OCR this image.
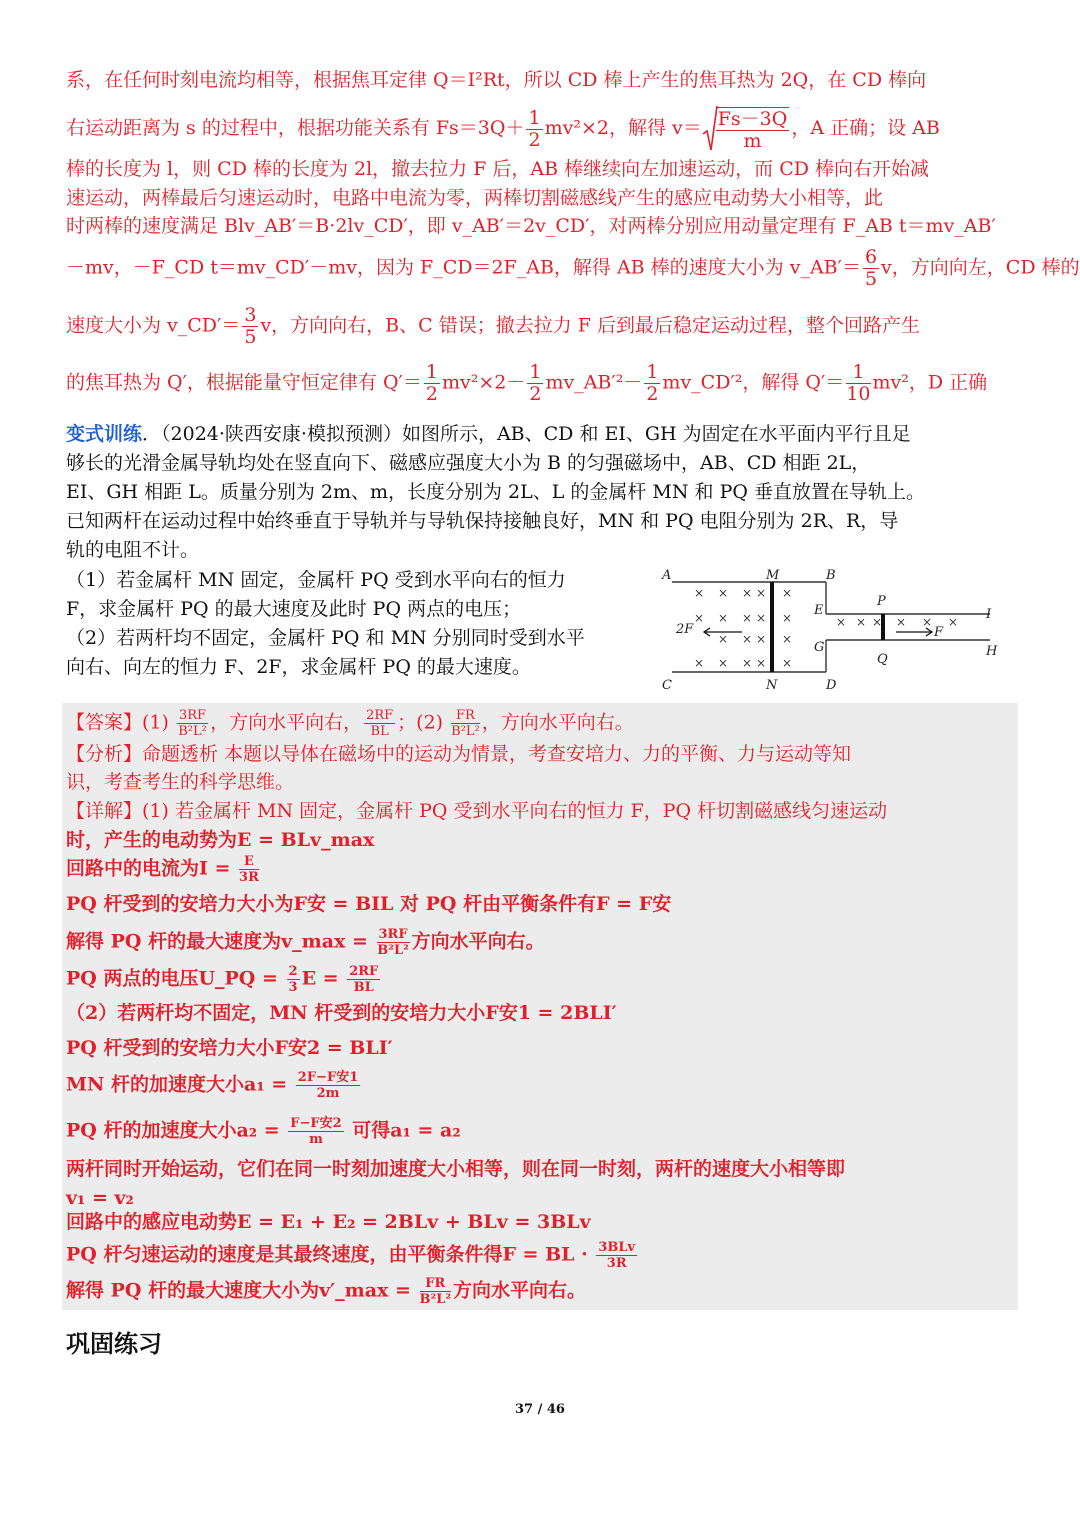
系，在任何时刻电流均相等，根据焦耳定律 Q＝I²Rt，所以 CD 棒上产生的焦耳热为 2Q，在 CD 棒向
右运动距离为 s 的过程中，根据功能关系有 $Fs=3Q+ \frac{1}{2} mv^2\times 2$，解得 $v= \frac{Fs-3Q}{m}$ ，A 正确；设 AB
棒的长度为 l，则 CD 棒的长度为 2l，撤去拉力 F 后，AB 棒继续向左加速运动，而 CD 棒向右开始减
速运动，两棒最后匀速运动时，电路中电流为零，两棒切割磁感线产生的感应电动势大小相等，此
时两棒的速度满足 Blv_AB′＝B·2lv_CD′，即 v_AB′＝2v_CD′，对两棒分别应用动量定理有 F_AB t＝mv_AB′
－mv，－F_CD t＝mv_CD′－mv，因为 F_CD＝2F_AB，解得 AB 棒的速度大小为 v_AB′＝ $\frac{6}{5}$ v，方向向左，CD 棒的
速度大小为 v_CD′＝ $\frac{3}{5}$ v，方向向右，B、C 错误；撤去拉力 F 后到最后稳定运动过程，整个回路产生
的焦耳热为 Q′，根据能量守恒定律有 $Q'= \frac{1}{2} mv^2\times 2- \frac{1}{2}$ mv_AB′²－ $\frac{1}{2}$ mv_CD′²，解得 $Q'= \frac{1}{10} mv^2$，D 正确
变式训练．（2024·陕西安康·模拟预测）如图所示，AB、CD 和 EI、GH 为固定在水平面内平行且足
够长的光滑金属导轨均处在竖直向下、磁感应强度大小为 B 的匀强磁场中，AB、CD 相距 2L，
EI、GH 相距 L。质量分别为 2m、m，长度分别为 2L、L 的金属杆 MN 和 PQ 垂直放置在导轨上。
已知两杆在运动过程中始终垂直于导轨并与导轨保持接触良好，MN 和 PQ 电阻分别为 2R、R，导
轨的电阻不计。
（1）若金属杆 MN 固定，金属杆 PQ 受到水平向右的恒力
F，求金属杆 PQ 的最大速度及此时 PQ 两点的电压；
（2）若两杆均不固定，金属杆 PQ 和 MN 分别同时受到水平
向右、向左的恒力 F、2F，求金属杆 PQ 的最大速度。
× × × × ×
× × × × ×
× × × ×
× × × × ×
× × × × × ×
A	M	B
C	N	D
E
G
P
Q
I
H
2F	F
【答案】$(1) \frac{3RF}{\text{B²L²}}$ ，方向水平向右， $\frac{2RF}{BL}$ ；$(2) \frac{FR}{\text{B²L²}}$ ，方向水平向右。
【分析】命题透析 本题以导体在磁场中的运动为情景，考查安培力、力的平衡、力与运动等知
识，考查考生的科学思维。
【详解】(1) 若金属杆 MN 固定，金属杆 PQ 受到水平向右的恒力 F，PQ 杆切割磁感线匀速运动
时，产生的电动势为E = BLv_max
回路中的电流为$I = \frac{E}{3R}$
PQ 杆受到的安培力大小为F安 = BIL 对 PQ 杆由平衡条件有F = F安
解得 PQ 杆的最大速度为v_max = $\frac{3RF}{\text{B²L²}}$ 方向水平向右。
PQ 两点的电压U_PQ = $\frac{2}{3}$ $E = \frac{2RF}{BL}$
（2）若两杆均不固定，MN 杆受到的安培力大小F安1 = 2BLI′
PQ 杆受到的安培力大小F安2 = BLI′
MN 杆的加速度大小$a_1 = \frac{\text{2F−F安1}}{2m}$
PQ 杆的加速度大小$a_2 = \frac{\text{F−F安2}}{m}$ 可得a₁ = a₂
两杆同时开始运动，它们在同一时刻加速度大小相等，则在同一时刻，两杆的速度大小相等即
v₁ = v₂
回路中的感应电动势E = E₁ + E₂ = 2BLv + BLv = 3BLv
PQ 杆匀速运动的速度是其最终速度，由平衡条件得F = BL · $\frac{\text{3BLv}}{3R}$
解得 PQ 杆的最大速度大小为v′_max = $\frac{FR}{\text{B²L²}}$ 方向水平向右。
巩固练习
37 / 46
